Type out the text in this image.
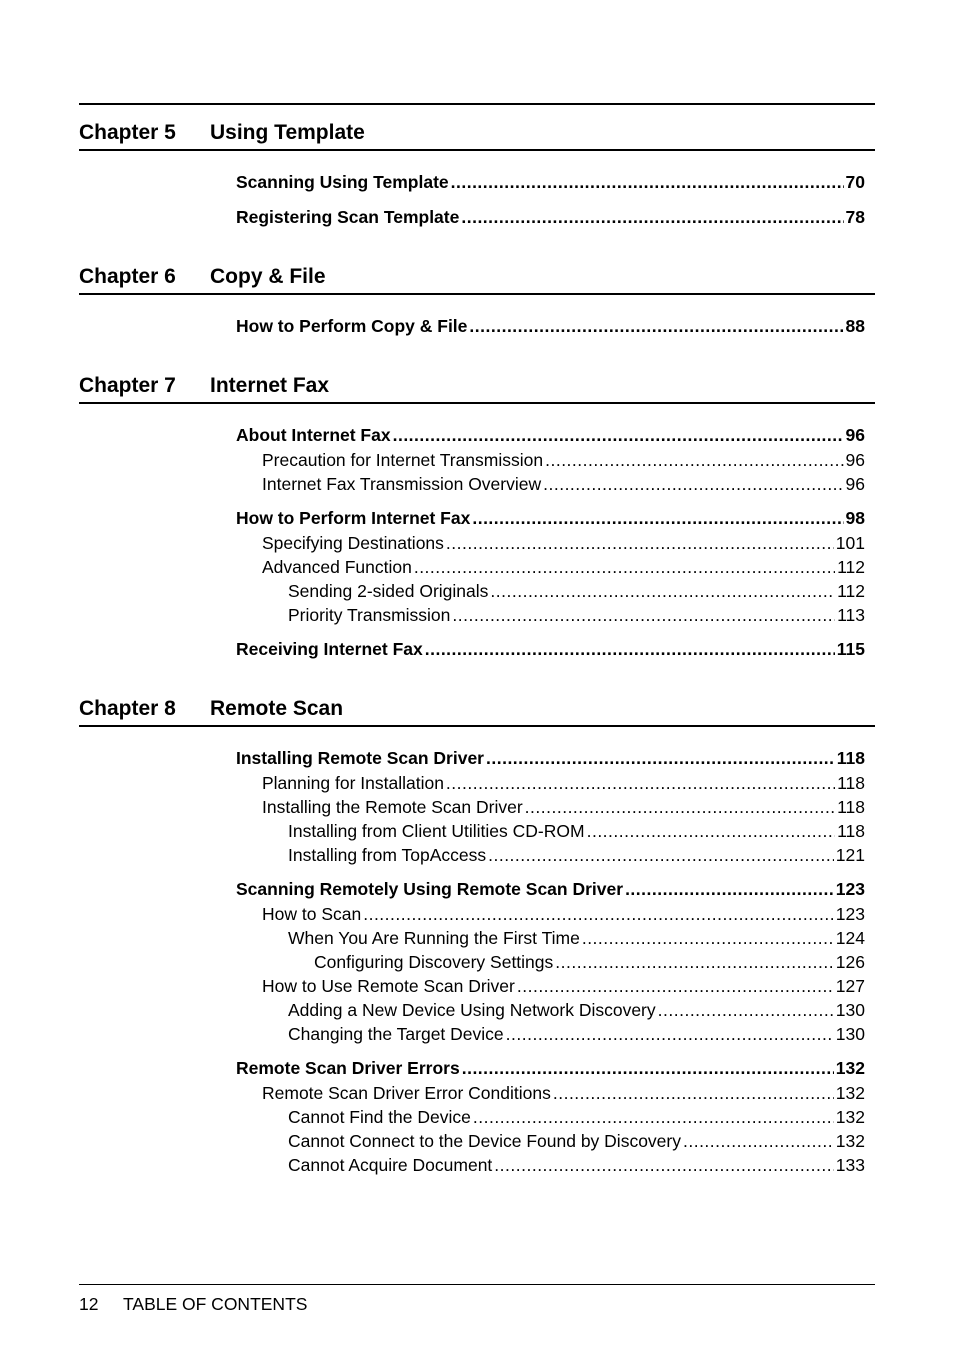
Chapter 5	Using Template
Scanning Using Template .....	70
Registering Scan Template .....	78
Chapter 6	Copy & File
How to Perform Copy & File .....	88
Chapter 7	Internet Fax
About Internet Fax .....	96
Precaution for Internet Transmission .....	96
Internet Fax Transmission Overview .....	96
How to Perform Internet Fax .....	98
Specifying Destinations .....	101
Advanced Function .....	112
Sending 2-sided Originals .....	112
Priority Transmission .....	113
Receiving Internet Fax .....	115
Chapter 8	Remote Scan
Installing Remote Scan Driver .....	118
Planning for Installation .....	118
Installing the Remote Scan Driver .....	118
Installing from Client Utilities CD-ROM .....	118
Installing from TopAccess .....	121
Scanning Remotely Using Remote Scan Driver .....	123
How to Scan .....	123
When You Are Running the First Time .....	124
Configuring Discovery Settings .....	126
How to Use Remote Scan Driver .....	127
Adding a New Device Using Network Discovery .....	130
Changing the Target Device .....	130
Remote Scan Driver Errors .....	132
Remote Scan Driver Error Conditions .....	132
Cannot Find the Device .....	132
Cannot Connect to the Device Found by Discovery .....	132
Cannot Acquire Document .....	133
12 TABLE OF CONTENTS
